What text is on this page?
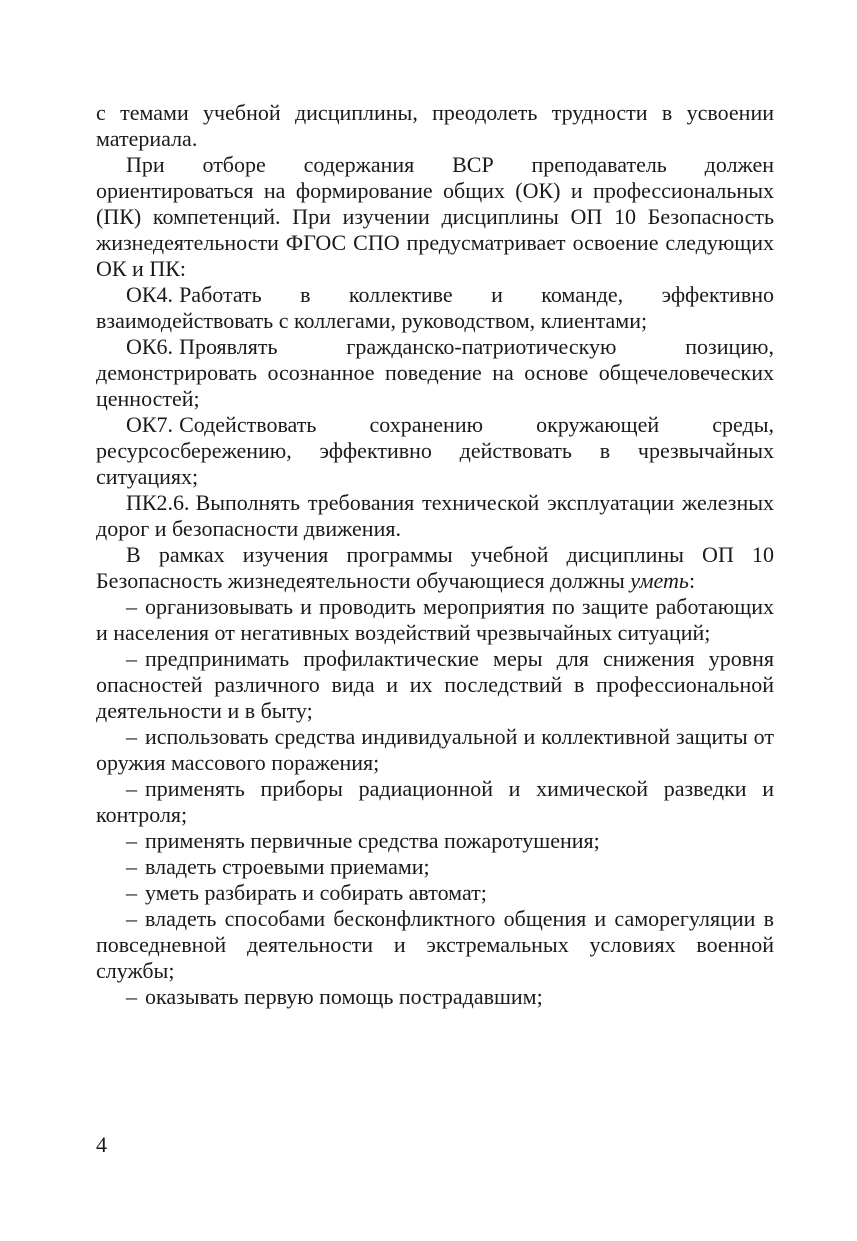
с темами учебной дисциплины, преодолеть трудности в усвоении материала.

При отборе содержания ВСР преподаватель должен ориентироваться на формирование общих (ОК) и профессиональных (ПК) компетенций. При изучении дисциплины ОП 10 Безопасность жизнедеятельности ФГОС СПО предусматривает освоение следующих ОК и ПК:

ОК4. Работать в коллективе и команде, эффективно взаимодействовать с коллегами, руководством, клиентами;

ОК6. Проявлять гражданско-патриотическую позицию, демонстрировать осознанное поведение на основе общечеловеческих ценностей;

ОК7. Содействовать сохранению окружающей среды, ресурсосбережению, эффективно действовать в чрезвычайных ситуациях;

ПК2.6. Выполнять требования технической эксплуатации железных дорог и безопасности движения.

В рамках изучения программы учебной дисциплины ОП 10 Безопасность жизнедеятельности обучающиеся должны уметь:

– организовывать и проводить мероприятия по защите работающих и населения от негативных воздействий чрезвычайных ситуаций;

– предпринимать профилактические меры для снижения уровня опасностей различного вида и их последствий в профессиональной деятельности и в быту;

– использовать средства индивидуальной и коллективной защиты от оружия массового поражения;

– применять приборы радиационной и химической разведки и контроля;

– применять первичные средства пожаротушения;

– владеть строевыми приемами;

– уметь разбирать и собирать автомат;

– владеть способами бесконфликтного общения и саморегуляции в повседневной деятельности и экстремальных условиях военной службы;

– оказывать первую помощь пострадавшим;

4
